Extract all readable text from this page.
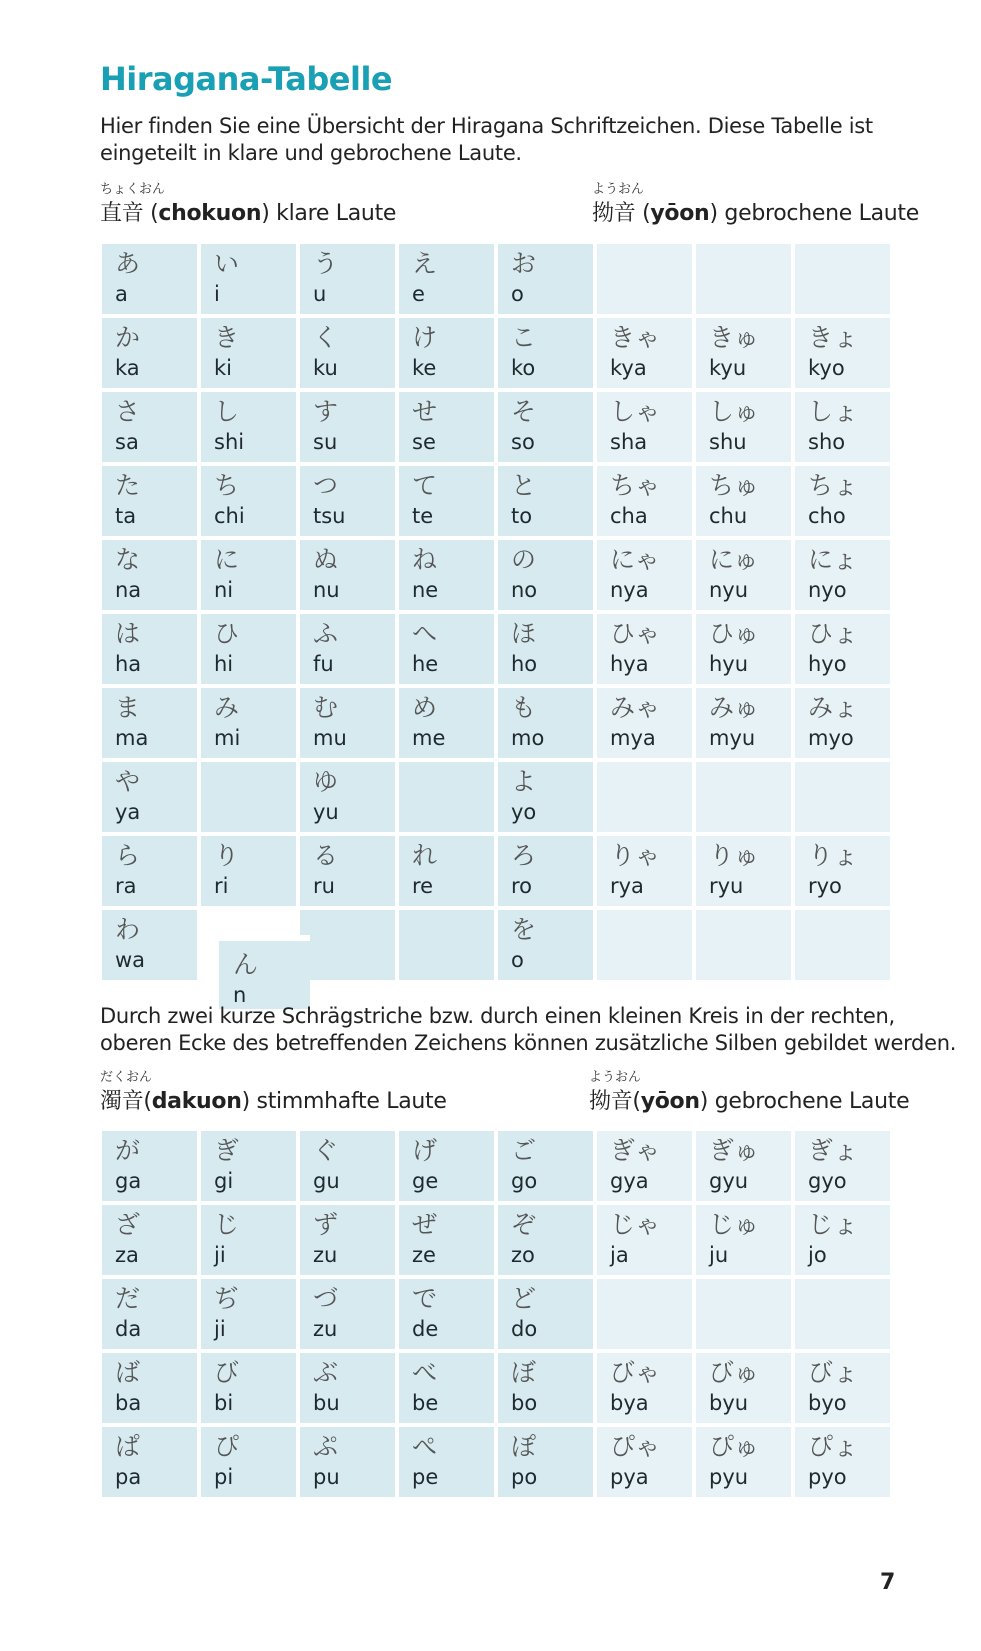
Hiragana-Tabelle

Hier finden Sie eine Übersicht der Hiragana Schriftzeichen. Diese Tabelle ist eingeteilt in klare und gebrochene Laute.

ちょくおん
直音 (chokuon) klare Laute
ようおん
拗音 (yōon) gebrochene Laute
あ
a
い
i
う
u
え
e
お
o
か
ka
き
ki
く
ku
け
ke
こ
ko
きゃ
kya
きゅ
kyu
きょ
kyo
さ
sa
し
shi
す
su
せ
se
そ
so
しゃ
sha
しゅ
shu
しょ
sho
た
ta
ち
chi
つ
tsu
て
te
と
to
ちゃ
cha
ちゅ
chu
ちょ
cho
な
na
に
ni
ぬ
nu
ね
ne
の
no
にゃ
nya
にゅ
nyu
にょ
nyo
は
ha
ひ
hi
ふ
fu
へ
he
ほ
ho
ひゃ
hya
ひゅ
hyu
ひょ
hyo
ま
ma
み
mi
む
mu
め
me
も
mo
みゃ
mya
みゅ
myu
みょ
myo
や
ya
ゆ
yu
よ
yo
ら
ra
り
ri
る
ru
れ
re
ろ
ro
りゃ
rya
りゅ
ryu
りょ
ryo
わ
wa
を
o
ん
n

Durch zwei kurze Schrägstriche bzw. durch einen kleinen Kreis in der rechten, oberen Ecke des betreffenden Zeichens können zusätzliche Silben gebildet werden.

だくおん
濁音(dakuon) stimmhafte Laute
ようおん
拗音(yōon) gebrochene Laute
が
ga
ぎ
gi
ぐ
gu
げ
ge
ご
go
ぎゃ
gya
ぎゅ
gyu
ぎょ
gyo
ざ
za
じ
ji
ず
zu
ぜ
ze
ぞ
zo
じゃ
ja
じゅ
ju
じょ
jo
だ
da
ぢ
ji
づ
zu
で
de
ど
do
ば
ba
び
bi
ぶ
bu
べ
be
ぼ
bo
びゃ
bya
びゅ
byu
びょ
byo
ぱ
pa
ぴ
pi
ぷ
pu
ぺ
pe
ぽ
po
ぴゃ
pya
ぴゅ
pyu
ぴょ
pyo
7
